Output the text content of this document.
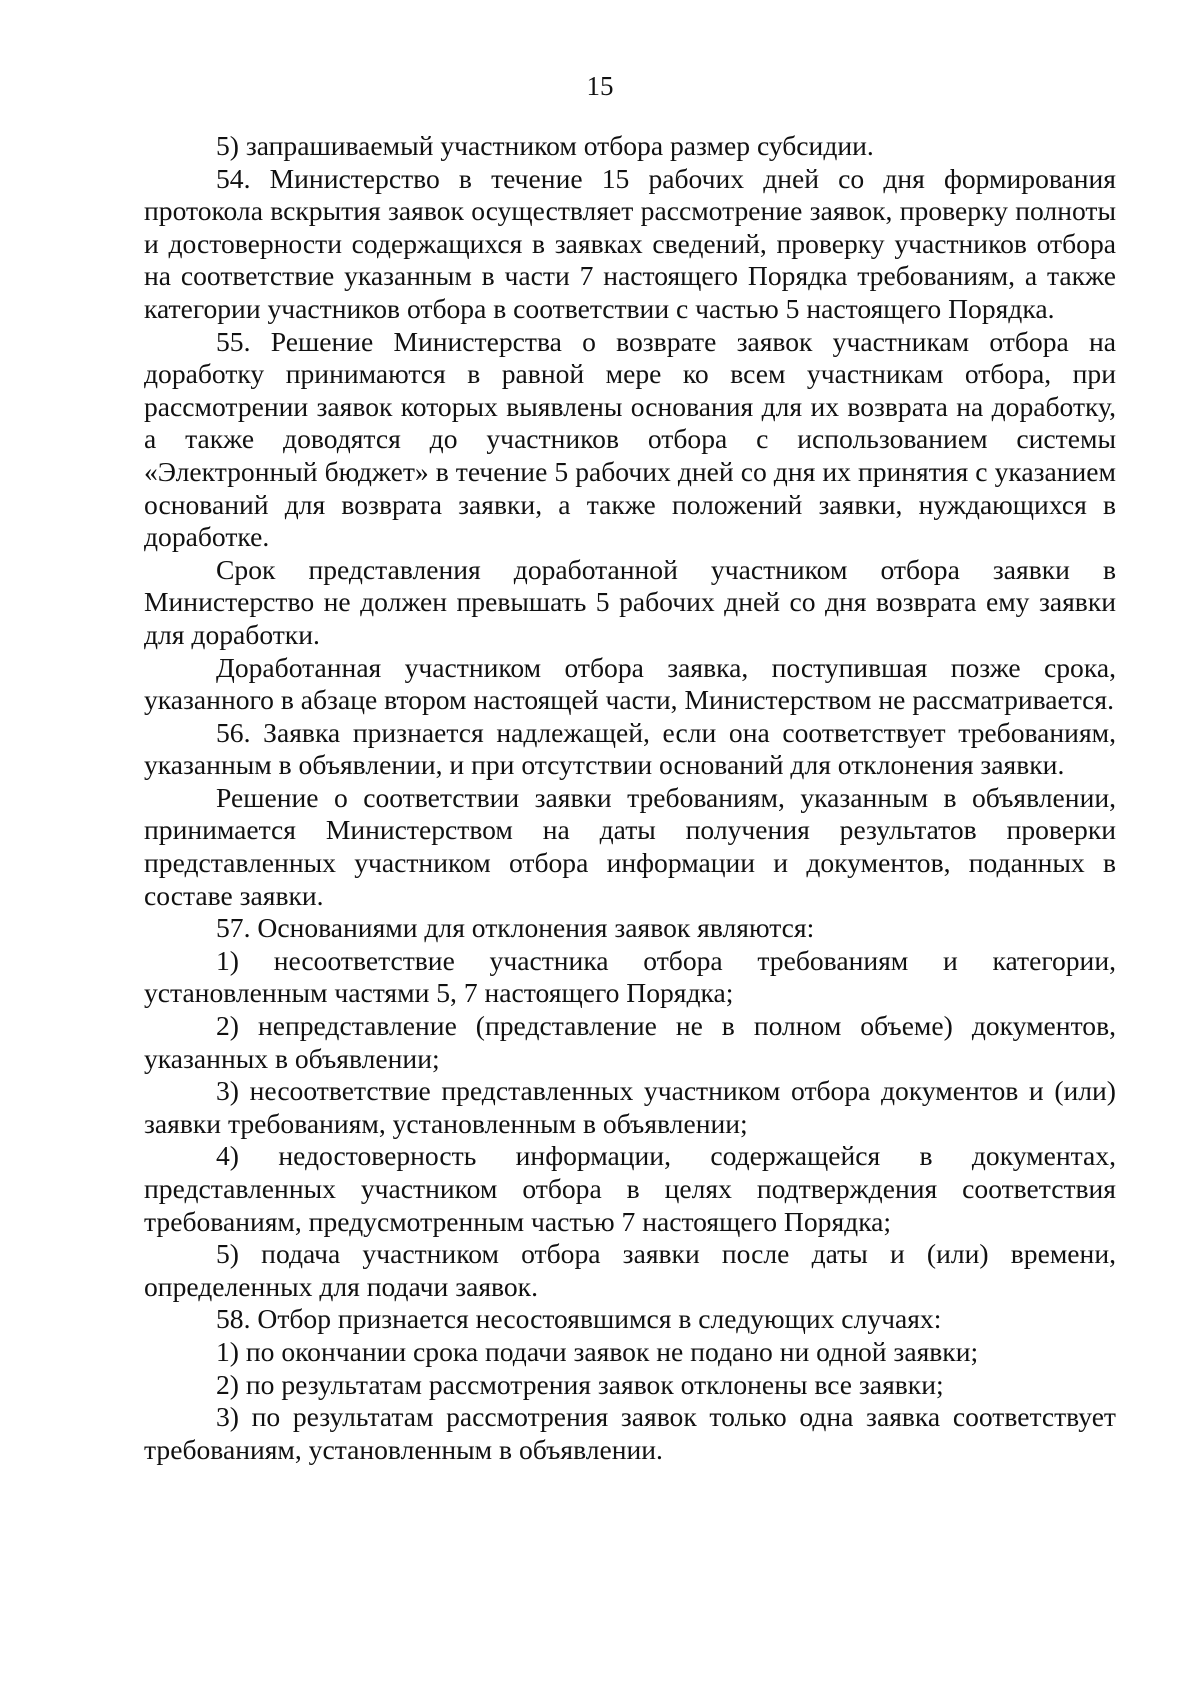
15

5) запрашиваемый участником отбора размер субсидии.

54. Министерство в течение 15 рабочих дней со дня формирования протокола вскрытия заявок осуществляет рассмотрение заявок, проверку полноты и достоверности содержащихся в заявках сведений, проверку участников отбора на соответствие указанным в части 7 настоящего Порядка требованиям, а также категории участников отбора в соответствии с частью 5 настоящего Порядка.

55. Решение Министерства о возврате заявок участникам отбора на доработку принимаются в равной мере ко всем участникам отбора, при рассмотрении заявок которых выявлены основания для их возврата на доработку, а также доводятся до участников отбора с использованием системы «Электронный бюджет» в течение 5 рабочих дней со дня их принятия с указанием оснований для возврата заявки, а также положений заявки, нуждающихся в доработке.

Срок представления доработанной участником отбора заявки в Министерство не должен превышать 5 рабочих дней со дня возврата ему заявки для доработки.

Доработанная участником отбора заявка, поступившая позже срока, указанного в абзаце втором настоящей части, Министерством не рассматривается.

56. Заявка признается надлежащей, если она соответствует требованиям, указанным в объявлении, и при отсутствии оснований для отклонения заявки.

Решение о соответствии заявки требованиям, указанным в объявлении, принимается Министерством на даты получения результатов проверки представленных участником отбора информации и документов, поданных в составе заявки.

57. Основаниями для отклонения заявок являются:

1) несоответствие участника отбора требованиям и категории, установленным частями 5, 7 настоящего Порядка;

2) непредставление (представление не в полном объеме) документов, указанных в объявлении;

3) несоответствие представленных участником отбора документов и (или) заявки требованиям, установленным в объявлении;

4) недостоверность информации, содержащейся в документах, представленных участником отбора в целях подтверждения соответствия требованиям, предусмотренным частью 7 настоящего Порядка;

5) подача участником отбора заявки после даты и (или) времени, определенных для подачи заявок.

58. Отбор признается несостоявшимся в следующих случаях:

1) по окончании срока подачи заявок не подано ни одной заявки;

2) по результатам рассмотрения заявок отклонены все заявки;

3) по результатам рассмотрения заявок только одна заявка соответствует требованиям, установленным в объявлении.
